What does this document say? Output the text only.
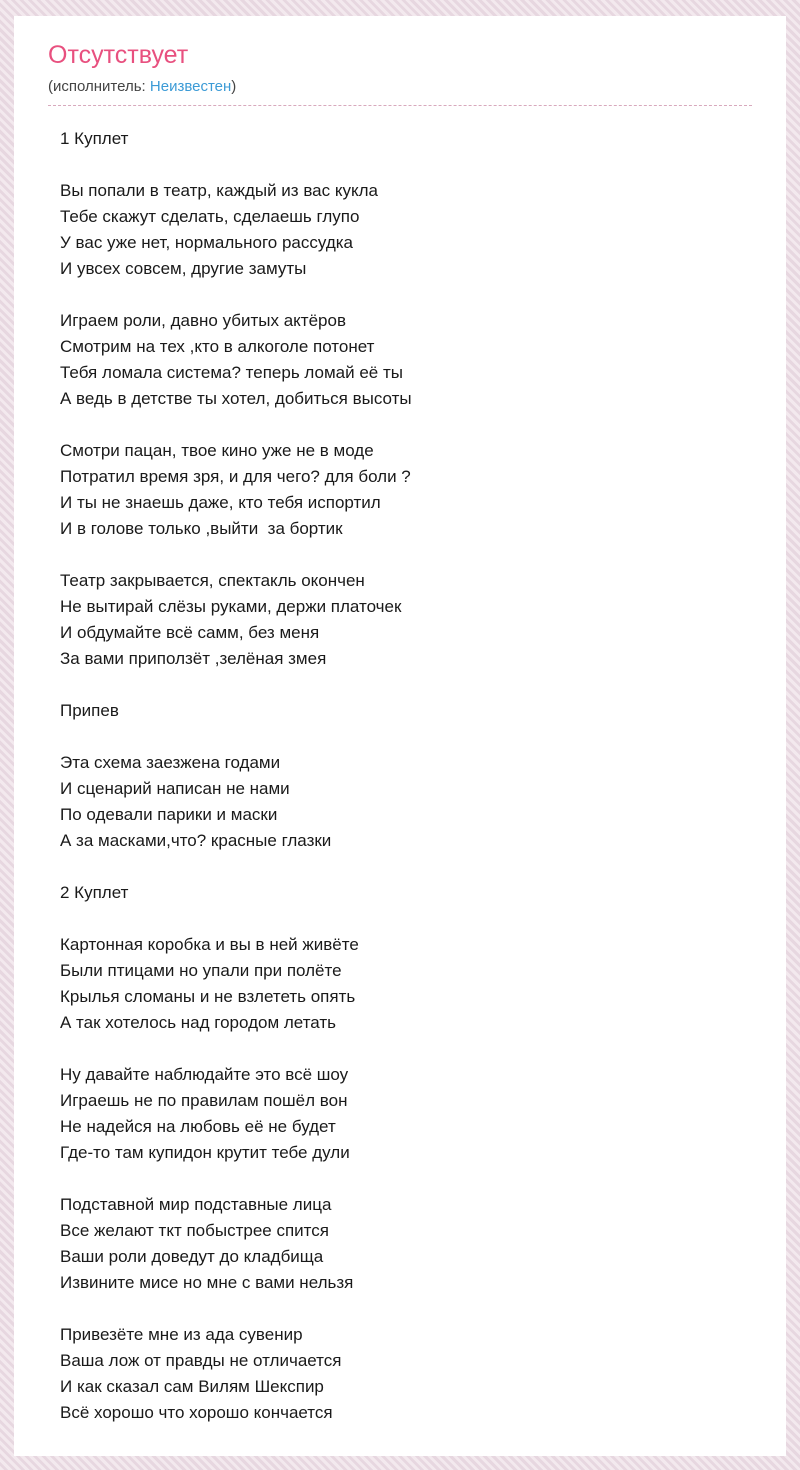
Отсутствует
(исполнитель: Неизвестен)

1 Куплет

Вы попали в театр, каждый из вас кукла
Тебе скажут сделать, сделаешь глупо
У вас уже нет, нормального рассудка
И увсех совсем, другие замуты

Играем роли, давно убитых актёров
Смотрим на тех ,кто в алкоголе потонет
Тебя ломала система? теперь ломай её ты
А ведь в детстве ты хотел, добиться высоты

Смотри пацан, твое кино уже не в моде
Потратил время зря, и для чего? для боли ?
И ты не знаешь даже, кто тебя испортил
И в голове только ,выйти  за бортик

Театр закрывается, спектакль окончен
Не вытирай слёзы руками, держи платочек
И обдумайте всё самм, без меня
За вами приползёт ,зелёная змея

Припев

Эта схема заезжена годами
И сценарий написан не нами
По одевали парики и маски
А за масками,что? красные глазки

2 Куплет

Картонная коробка и вы в ней живёте
Были птицами но упали при полёте
Крылья сломаны и не взлететь опять
А так хотелось над городом летать

Ну давайте наблюдайте это всё шоу
Играешь не по правилам пошёл вон
Не надейся на любовь её не будет
Где-то там купидон крутит тебе дули

Подставной мир подставные лица
Все желают ткт побыстрее спится
Ваши роли доведут до кладбища
Извините мисе но мне с вами нельзя

Привезёте мне из ада сувенир
Ваша лож от правды не отличается
И как сказал сам Вилям Шекспир
Всё хорошо что хорошо кончается
